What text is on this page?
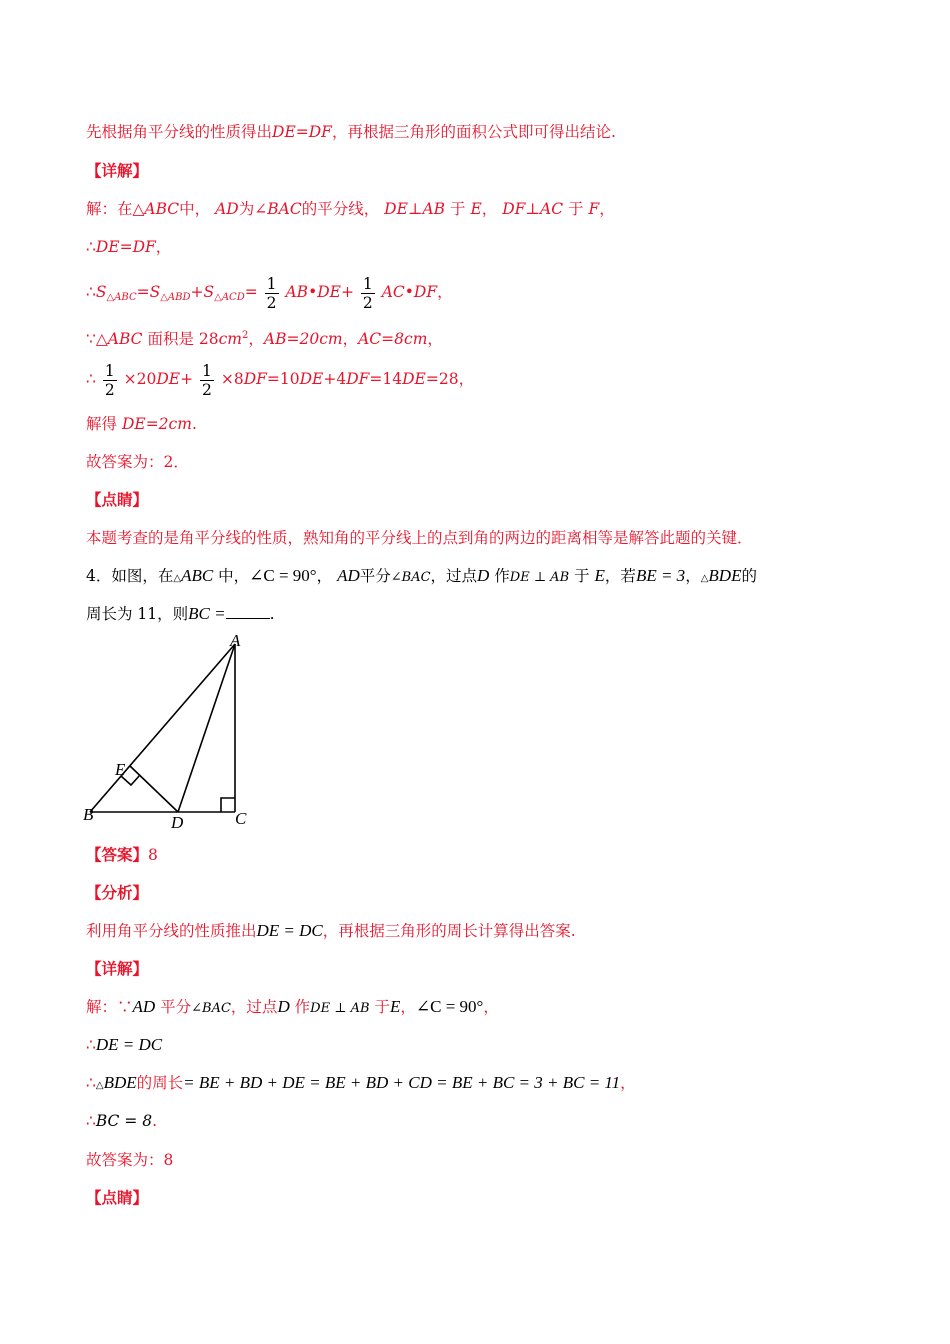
先根据角平分线的性质得出DE=DF，再根据三角形的面积公式即可得出结论.
【详解】
解：在△ABC中， AD为∠BAC的平分线， DE⊥AB 于 E， DF⊥AC 于 F，
∴DE=DF，
$\therefore S_{\triangle ABC}=S_{\triangle ABD}+S_{\triangle ACD}= \frac{1}{2}$ AB•DE+ $\frac{1}{2}$ AC•DF，
∵△ABC 面积是 $28cm^2$，AB=20cm，AC=8cm，
∴ $\frac{1}{2} \times 20DE+ \frac{1}{2} \times 8DF=10DE+4DF=14DE=28$，
解得 DE=2cm.
故答案为：2．
【点睛】
本题考查的是角平分线的性质，熟知角的平分线上的点到角的两边的距离相等是解答此题的关键．
4．如图，在△ABC 中，∠C = 90°， AD平分∠BAC，过点D 作DE ⊥ AB 于 E，若BE = 3，△BDE的
周长为 11，则BC =	.
A
B	C
D
E
【答案】8
【分析】
利用角平分线的性质推出DE = DC，再根据三角形的周长计算得出答案.
【详解】
解：∵AD 平分∠BAC，过点D 作DE ⊥ AB 于E，∠C = 90°，
∴DE = DC
∴△BDE的周长= BE + BD + DE = BE + BD + CD = BE + BC = 3 + BC = 11，
∴BC = 8.
故答案为：8
【点睛】
